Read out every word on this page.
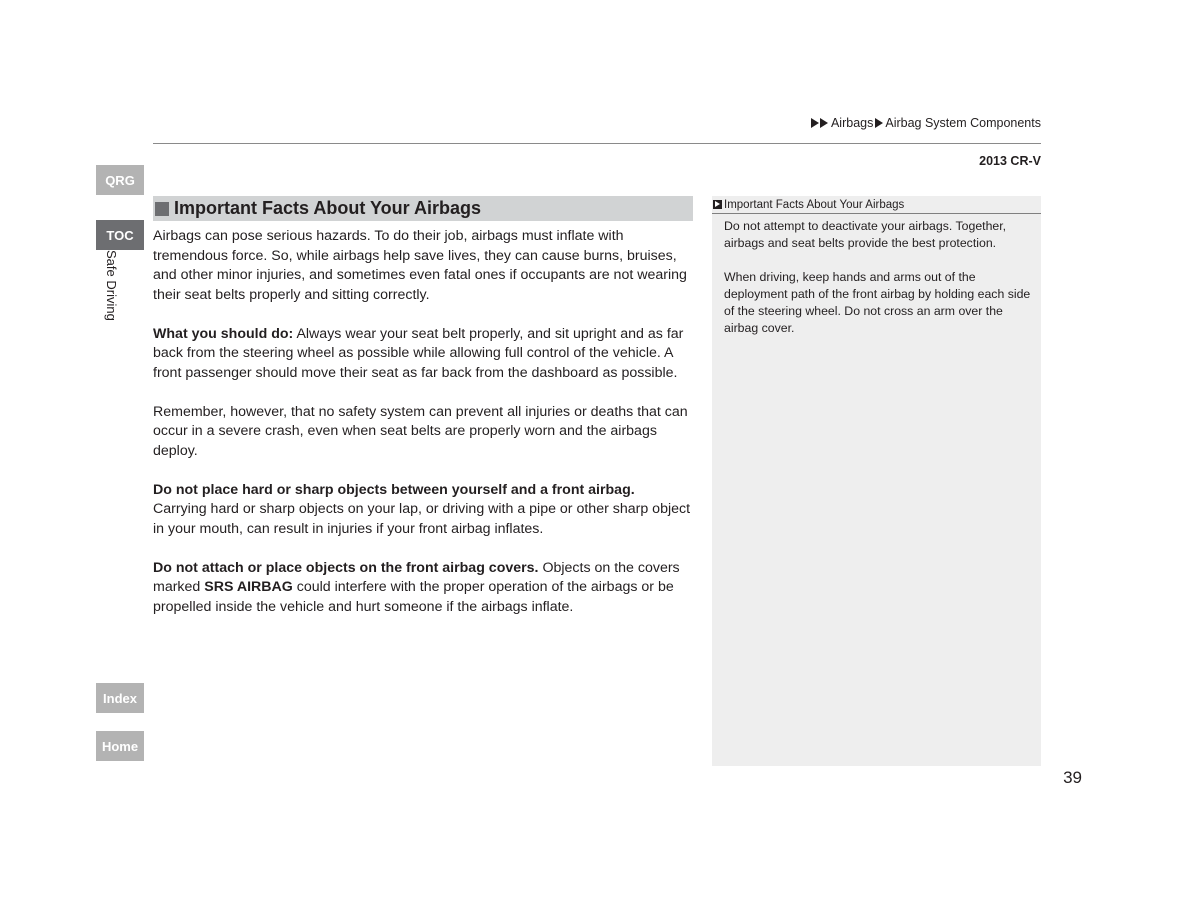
Airbags Airbag System Components
2013 CR-V
QRG
TOC
Safe Driving
Index
Home
Important Facts About Your Airbags

Airbags can pose serious hazards. To do their job, airbags must inflate with tremendous force. So, while airbags help save lives, they can cause burns, bruises, and other minor injuries, and sometimes even fatal ones if occupants are not wearing their seat belts properly and sitting correctly.

What you should do: Always wear your seat belt properly, and sit upright and as far back from the steering wheel as possible while allowing full control of the vehicle. A front passenger should move their seat as far back from the dashboard as possible.

Remember, however, that no safety system can prevent all injuries or deaths that can occur in a severe crash, even when seat belts are properly worn and the airbags deploy.

Do not place hard or sharp objects between yourself and a front airbag.
Carrying hard or sharp objects on your lap, or driving with a pipe or other sharp object in your mouth, can result in injuries if your front airbag inflates.

Do not attach or place objects on the front airbag covers. Objects on the covers marked SRS AIRBAG could interfere with the proper operation of the airbags or be propelled inside the vehicle and hurt someone if the airbags inflate.

Important Facts About Your Airbags

Do not attempt to deactivate your airbags. Together, airbags and seat belts provide the best protection.

When driving, keep hands and arms out of the deployment path of the front airbag by holding each side of the steering wheel. Do not cross an arm over the airbag cover.

39
